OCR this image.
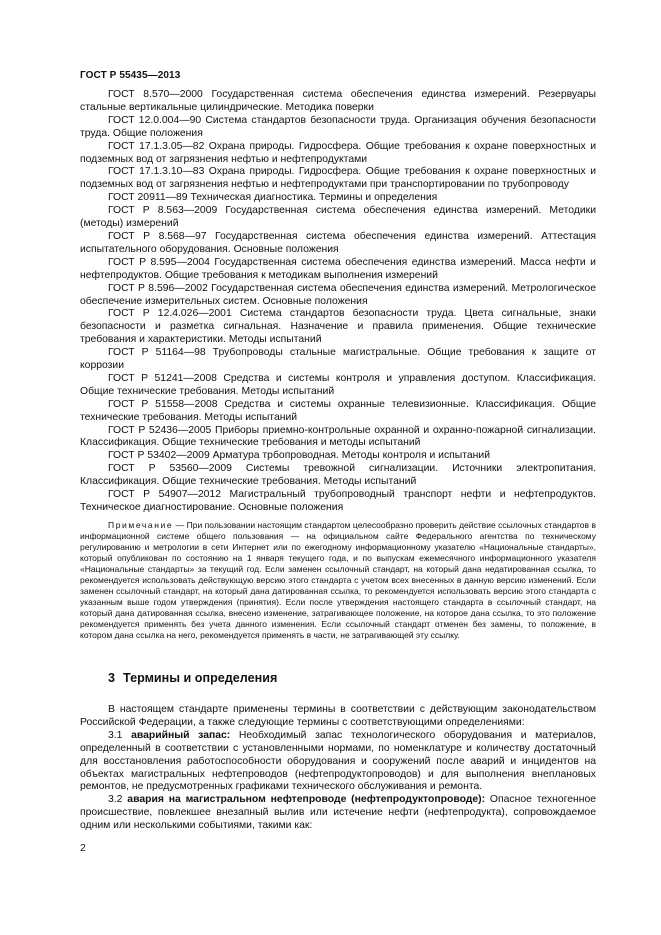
ГОСТ Р 55435—2013

ГОСТ 8.570—2000 Государственная система обеспечения единства измерений. Резервуары стальные вертикальные цилиндрические. Методика поверки

ГОСТ 12.0.004—90 Система стандартов безопасности труда. Организация обучения безопасности труда. Общие положения

ГОСТ 17.1.3.05—82 Охрана природы. Гидросфера. Общие требования к охране поверхностных и подземных вод от загрязнения нефтью и нефтепродуктами

ГОСТ 17.1.3.10—83 Охрана природы. Гидросфера. Общие требования к охране поверхностных и подземных вод от загрязнения нефтью и нефтепродуктами при транспортировании по трубопроводу

ГОСТ 20911—89 Техническая диагностика. Термины и определения

ГОСТ Р 8.563—2009 Государственная система обеспечения единства измерений. Методики (методы) измерений

ГОСТ Р 8.568—97 Государственная система обеспечения единства измерений. Аттестация испытательного оборудования. Основные положения

ГОСТ Р 8.595—2004 Государственная система обеспечения единства измерений. Масса нефти и нефтепродуктов. Общие требования к методикам выполнения измерений

ГОСТ Р 8.596—2002 Государственная система обеспечения единства измерений. Метрологическое обеспечение измерительных систем. Основные положения

ГОСТ Р 12.4.026—2001 Система стандартов безопасности труда. Цвета сигнальные, знаки безопасности и разметка сигнальная. Назначение и правила применения. Общие технические требования и характеристики. Методы испытаний

ГОСТ Р 51164—98 Трубопроводы стальные магистральные. Общие требования к защите от коррозии

ГОСТ Р 51241—2008 Средства и системы контроля и управления доступом. Классификация. Общие технические требования. Методы испытаний

ГОСТ Р 51558—2008 Средства и системы охранные телевизионные. Классификация. Общие технические требования. Методы испытаний

ГОСТ Р 52436—2005 Приборы приемно-контрольные охранной и охранно-пожарной сигнализации. Классификация. Общие технические требования и методы испытаний

ГОСТ Р 53402—2009 Арматура трбопроводная. Методы контроля и испытаний

ГОСТ Р 53560—2009 Системы тревожной сигнализации. Источники электропитания. Классификация. Общие технические требования. Методы испытаний

ГОСТ Р 54907—2012 Магистральный трубопроводный транспорт нефти и нефтепродуктов. Техническое диагностирование. Основные положения

Примечание — При пользовании настоящим стандартом целесообразно проверить действие ссылочных стандартов в информационной системе общего пользования — на официальном сайте Федерального агентства по техническому регулированию и метрологии в сети Интернет или по ежегодному информационному указателю «Национальные стандарты», который опубликован по состоянию на 1 января текущего года, и по выпускам ежемесячного информационного указателя «Национальные стандарты» за текущий год. Если заменен ссылочный стандарт, на который дана недатированная ссылка, то рекомендуется использовать действующую версию этого стандарта с учетом всех внесенных в данную версию изменений. Если заменен ссылочный стандарт, на который дана датированная ссылка, то рекомендуется использовать версию этого стандарта с указанным выше годом утверждения (принятия). Если после утверждения настоящего стандарта в ссылочный стандарт, на который дана датированная ссылка, внесено изменение, затрагивающее положение, на которое дана ссылка, то это положение рекомендуется применять без учета данного изменения. Если ссылочный стандарт отменен без замены, то положение, в котором дана ссылка на него, рекомендуется применять в части, не затрагивающей эту ссылку.

3 Термины и определения

В настоящем стандарте применены термины в соответствии с действующим законодательством Российской Федерации, а также следующие термины с соответствующими определениями:

3.1 аварийный запас: Необходимый запас технологического оборудования и материалов, определенный в соответствии с установленными нормами, по номенклатуре и количеству достаточный для восстановления работоспособности оборудования и сооружений после аварий и инцидентов на объектах магистральных нефтепроводов (нефтепродуктопроводов) и для выполнения внеплановых ремонтов, не предусмотренных графиками технического обслуживания и ремонта.

3.2 авария на магистральном нефтепроводе (нефтепродуктопроводе): Опасное техногенное происшествие, повлекшее внезапный вылив или истечение нефти (нефтепродукта), сопровождаемое одним или несколькими событиями, такими как:

2
